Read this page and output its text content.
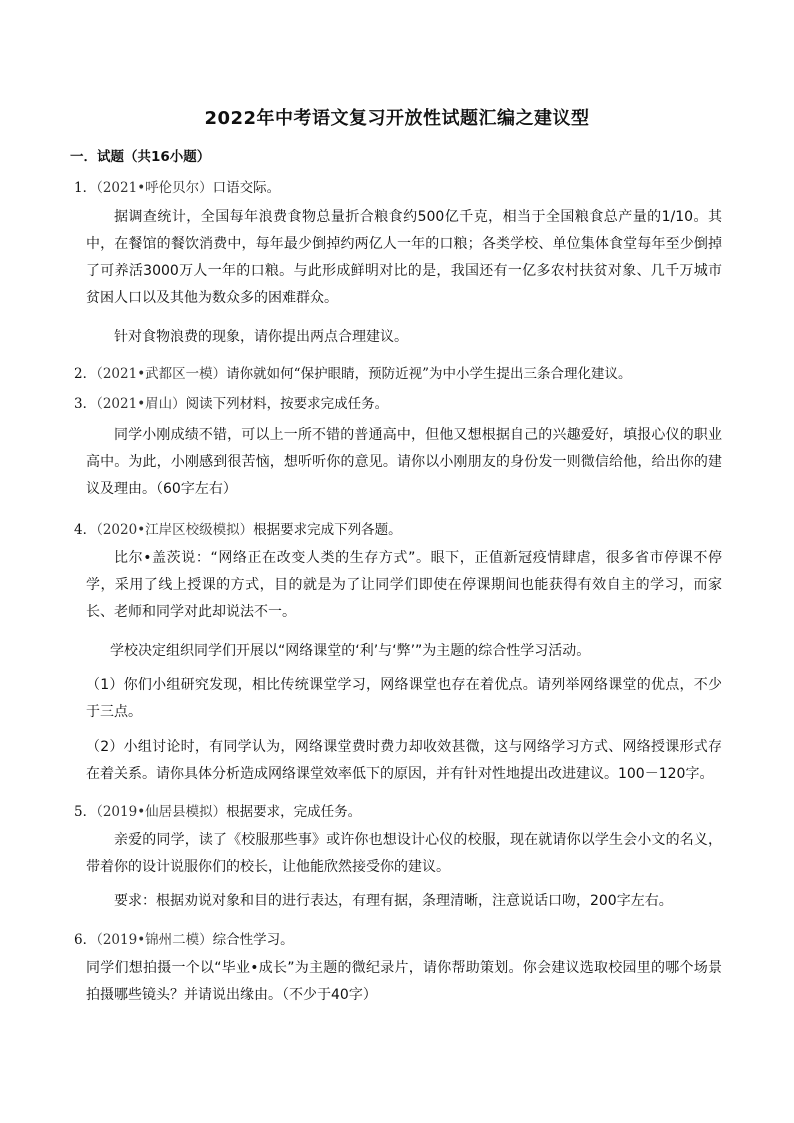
2022年中考语文复习开放性试题汇编之建议型
一．试题（共16小题）
1．（2021•呼伦贝尔）口语交际。
据调查统计，全国每年浪费食物总量折合粮食约500亿千克，相当于全国粮食总产量的1/10。其中，在餐馆的餐饮消费中，每年最少倒掉约两亿人一年的口粮；各类学校、单位集体食堂每年至少倒掉了可养活3000万人一年的口粮。与此形成鲜明对比的是，我国还有一亿多农村扶贫对象、几千万城市贫困人口以及其他为数众多的困难群众。
针对食物浪费的现象，请你提出两点合理建议。
2．（2021•武都区一模）请你就如何“保护眼睛，预防近视”为中小学生提出三条合理化建议。
3．（2021•眉山）阅读下列材料，按要求完成任务。
同学小刚成绩不错，可以上一所不错的普通高中，但他又想根据自己的兴趣爱好，填报心仪的职业高中。为此，小刚感到很苦恼，想听听你的意见。请你以小刚朋友的身份发一则微信给他，给出你的建议及理由。（60字左右）
4．（2020•江岸区校级模拟）根据要求完成下列各题。
比尔•盖茨说：“网络正在改变人类的生存方式”。眼下，正值新冠疫情肆虐，很多省市停课不停学，采用了线上授课的方式，目的就是为了让同学们即使在停课期间也能获得有效自主的学习，而家长、老师和同学对此却说法不一。
学校决定组织同学们开展以“网络课堂的‘利’与‘弊’”为主题的综合性学习活动。
（1）你们小组研究发现，相比传统课堂学习，网络课堂也存在着优点。请列举网络课堂的优点，不少于三点。
（2）小组讨论时，有同学认为，网络课堂费时费力却收效甚微，这与网络学习方式、网络授课形式存在着关系。请你具体分析造成网络课堂效率低下的原因，并有针对性地提出改进建议。100－120字。
5．（2019•仙居县模拟）根据要求，完成任务。
亲爱的同学，读了《校服那些事》或许你也想设计心仪的校服，现在就请你以学生会小文的名义，带着你的设计说服你们的校长，让他能欣然接受你的建议。
要求：根据劝说对象和目的进行表达，有理有据，条理清晰，注意说话口吻，200字左右。
6．（2019•锦州二模）综合性学习。
同学们想拍摄一个以“毕业•成长”为主题的微纪录片，请你帮助策划。你会建议选取校园里的哪个场景拍摄哪些镜头？并请说出缘由。（不少于40字）
